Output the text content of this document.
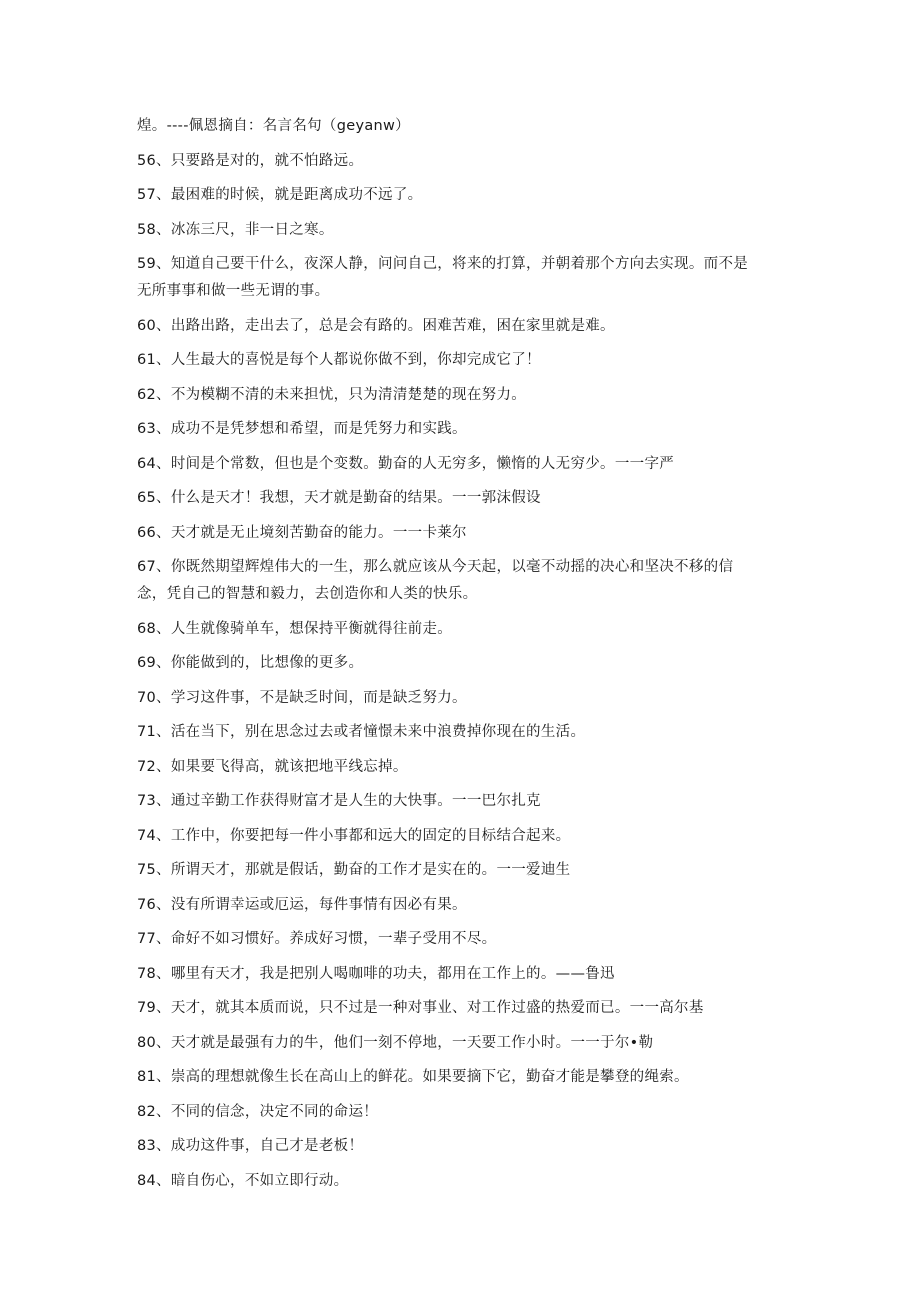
煌。----佩恩摘自：名言名句（geyanw）
56、只要路是对的，就不怕路远。
57、最困难的时候，就是距离成功不远了。
58、冰冻三尺，非一日之寒。
59、知道自己要干什么，夜深人静，问问自己，将来的打算，并朝着那个方向去实现。而不是
无所事事和做一些无谓的事。
60、出路出路，走出去了，总是会有路的。困难苦难，困在家里就是难。
61、人生最大的喜悦是每个人都说你做不到，你却完成它了！
62、不为模糊不清的未来担忧，只为清清楚楚的现在努力。
63、成功不是凭梦想和希望，而是凭努力和实践。
64、时间是个常数，但也是个变数。勤奋的人无穷多，懒惰的人无穷少。一一字严
65、什么是天才！我想，天才就是勤奋的结果。一一郭沫假设
66、天才就是无止境刻苦勤奋的能力。一一卡莱尔
67、你既然期望辉煌伟大的一生，那么就应该从今天起，以毫不动摇的决心和坚决不移的信
念，凭自己的智慧和毅力，去创造你和人类的快乐。
68、人生就像骑单车，想保持平衡就得往前走。
69、你能做到的，比想像的更多。
70、学习这件事，不是缺乏时间，而是缺乏努力。
71、活在当下，别在思念过去或者憧憬未来中浪费掉你现在的生活。
72、如果要飞得高，就该把地平线忘掉。
73、通过辛勤工作获得财富才是人生的大快事。一一巴尔扎克
74、工作中，你要把每一件小事都和远大的固定的目标结合起来。
75、所谓天才，那就是假话，勤奋的工作才是实在的。一一爱迪生
76、没有所谓幸运或厄运，每件事情有因必有果。
77、命好不如习惯好。养成好习惯，一辈子受用不尽。
78、哪里有天才，我是把别人喝咖啡的功夫，都用在工作上的。——鲁迅
79、天才，就其本质而说，只不过是一种对事业、对工作过盛的热爱而已。一一高尔基
80、天才就是最强有力的牛，他们一刻不停地，一天要工作小时。一一于尔•勒
81、崇高的理想就像生长在高山上的鲜花。如果要摘下它，勤奋才能是攀登的绳索。
82、不同的信念，决定不同的命运！
83、成功这件事，自己才是老板！
84、暗自伤心，不如立即行动。
